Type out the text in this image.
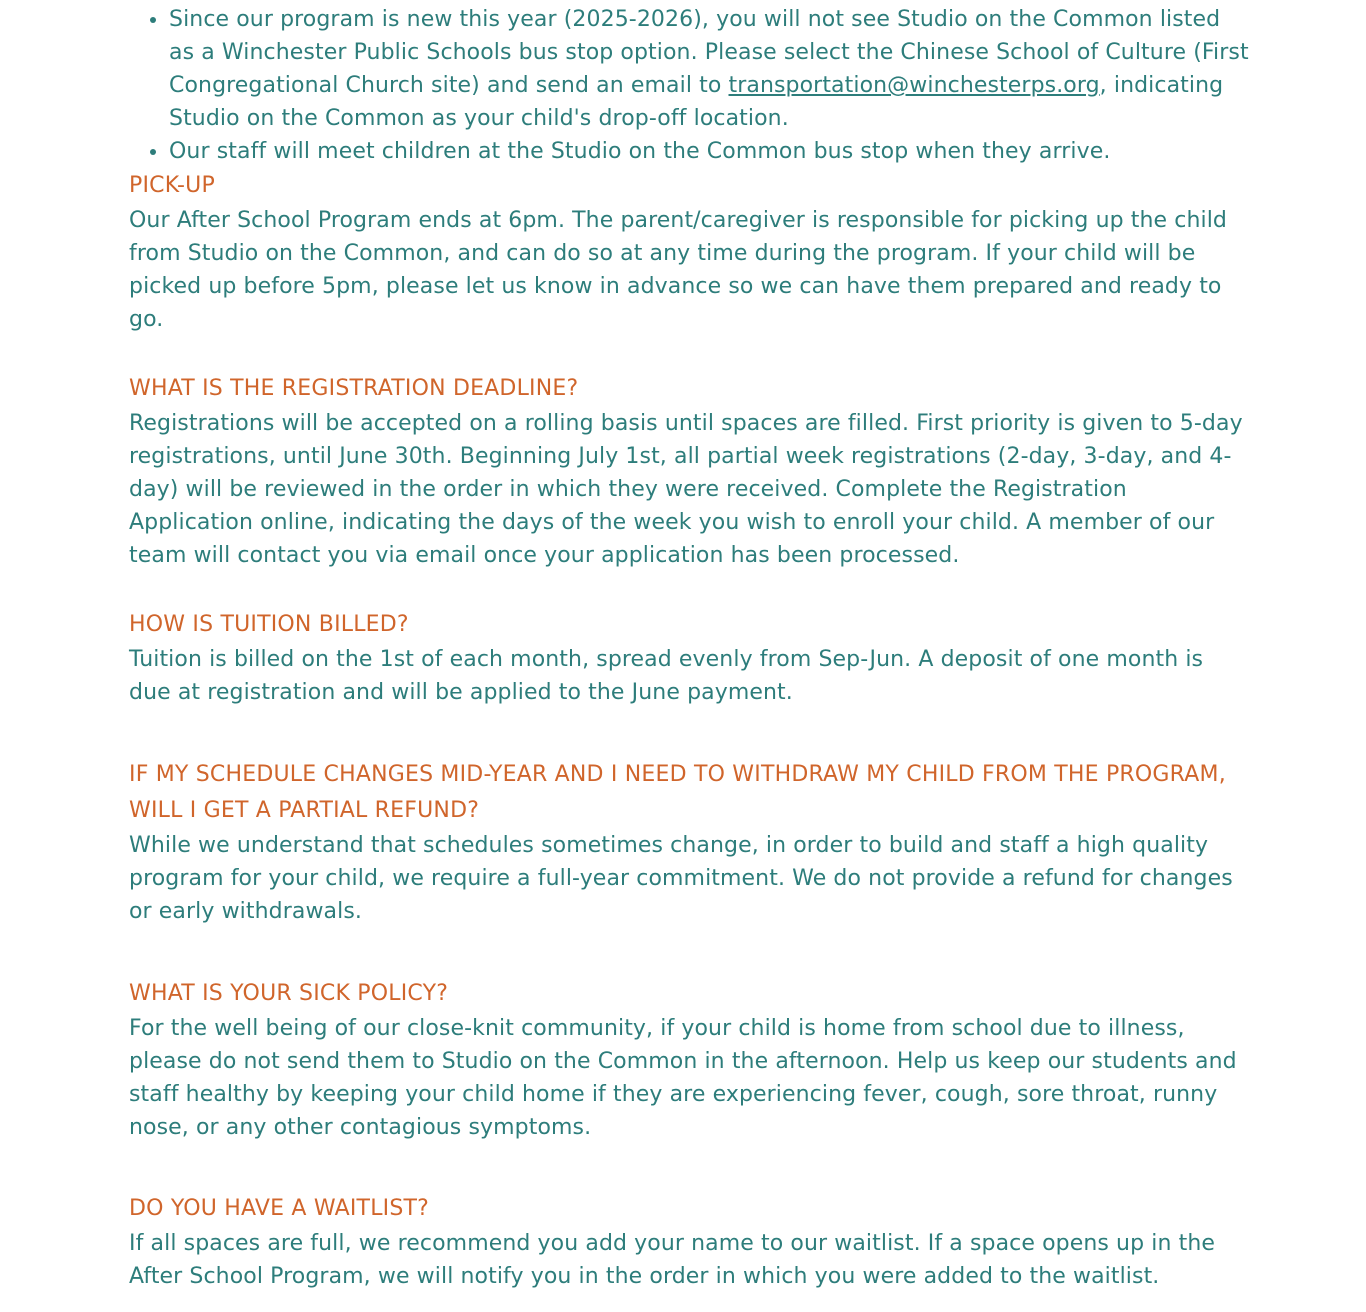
• Since our program is new this year (2025-2026), you will not see Studio on the Common listed as a Winchester Public Schools bus stop option. Please select the Chinese School of Culture (First Congregational Church site) and send an email to transportation@winchesterps.org, indicating Studio on the Common as your child's drop-off location.
• Our staff will meet children at the Studio on the Common bus stop when they arrive.
PICK-UP

Our After School Program ends at 6pm. The parent/caregiver is responsible for picking up the child from Studio on the Common, and can do so at any time during the program. If your child will be picked up before 5pm, please let us know in advance so we can have them prepared and ready to go.

WHAT IS THE REGISTRATION DEADLINE?

Registrations will be accepted on a rolling basis until spaces are filled. First priority is given to 5-day registrations, until June 30th. Beginning July 1st, all partial week registrations (2-day, 3-day, and 4-day) will be reviewed in the order in which they were received. Complete the Registration Application online, indicating the days of the week you wish to enroll your child. A member of our team will contact you via email once your application has been processed.

HOW IS TUITION BILLED?

Tuition is billed on the 1st of each month, spread evenly from Sep-Jun. A deposit of one month is due at registration and will be applied to the June payment.

IF MY SCHEDULE CHANGES MID-YEAR AND I NEED TO WITHDRAW MY CHILD FROM THE PROGRAM, WILL I GET A PARTIAL REFUND?

While we understand that schedules sometimes change, in order to build and staff a high quality program for your child, we require a full-year commitment. We do not provide a refund for changes or early withdrawals.

WHAT IS YOUR SICK POLICY?

For the well being of our close-knit community, if your child is home from school due to illness, please do not send them to Studio on the Common in the afternoon. Help us keep our students and staff healthy by keeping your child home if they are experiencing fever, cough, sore throat, runny nose, or any other contagious symptoms.

DO YOU HAVE A WAITLIST?

If all spaces are full, we recommend you add your name to our waitlist. If a space opens up in the After School Program, we will notify you in the order in which you were added to the waitlist.
